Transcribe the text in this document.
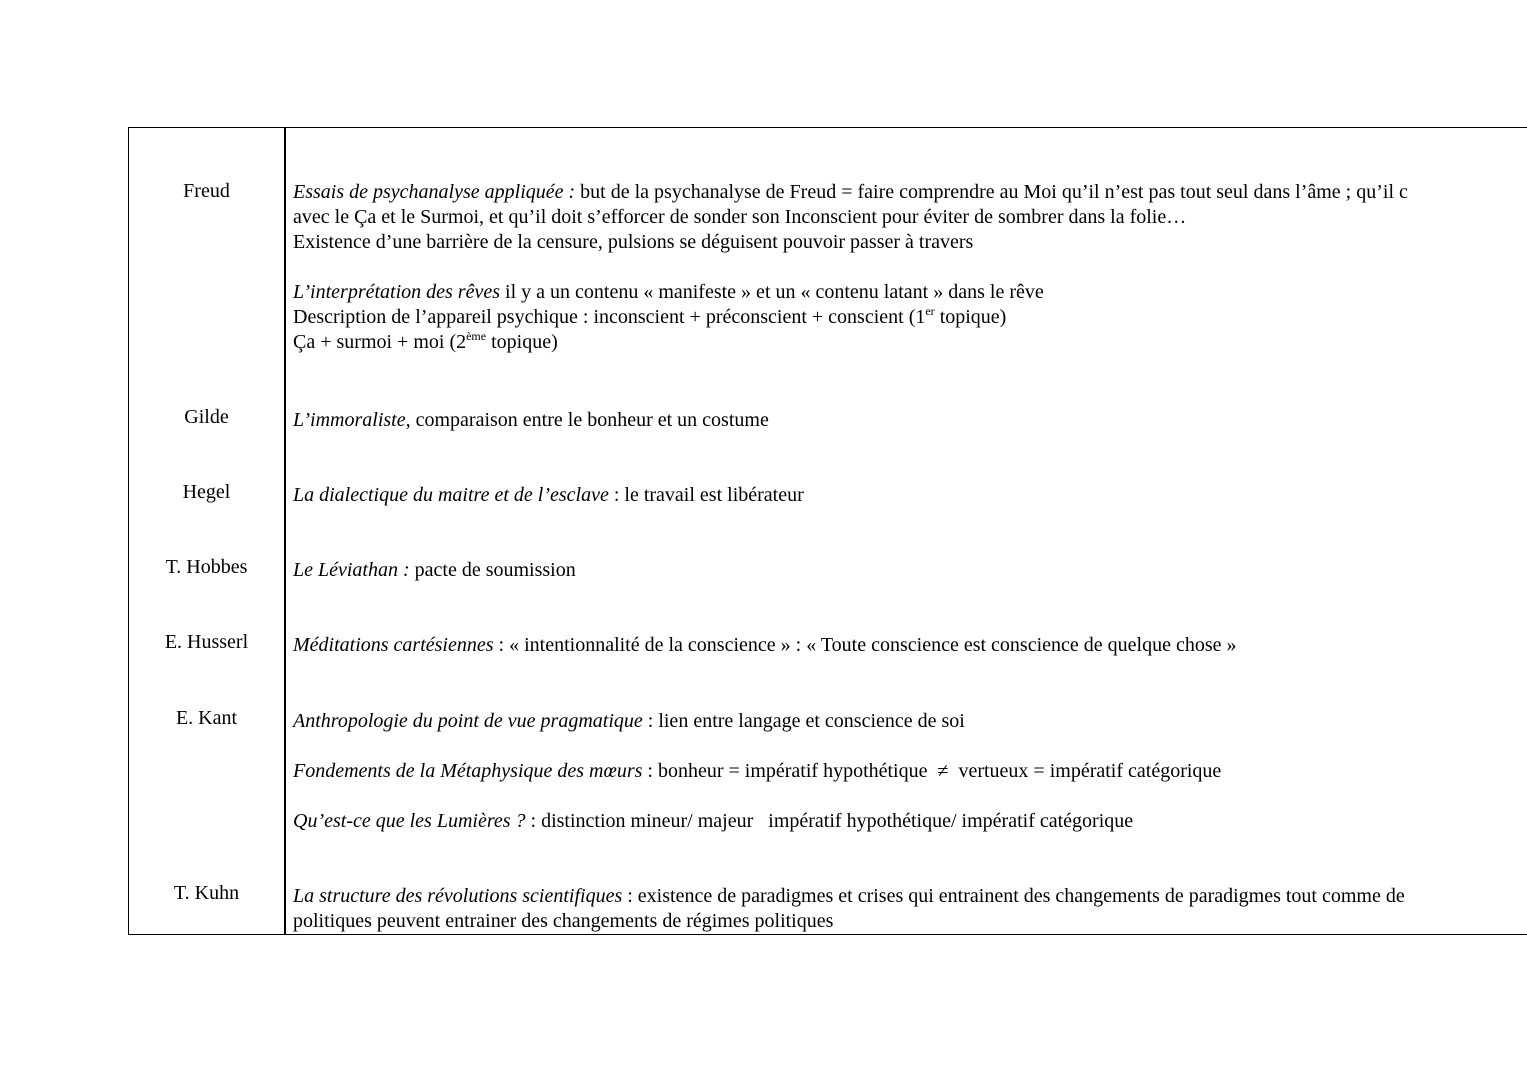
Freud	Essais de psychanalyse appliquée : but de la psychanalyse de Freud = faire comprendre au Moi qu’il n’est pas tout seul dans l’âme ; qu’il c
avec le Ça et le Surmoi, et qu’il doit s’efforcer de sonder son Inconscient pour éviter de sombrer dans la folie…
Existence d’une barrière de la censure, pulsions se déguisent pouvoir passer à travers
L’interprétation des rêves il y a un contenu « manifeste » et un « contenu latant » dans le rêve
Description de l’appareil psychique : inconscient + préconscient + conscient (1er topique)
Ça + surmoi + moi (2ème topique)
Gilde	L’immoraliste, comparaison entre le bonheur et un costume
Hegel	La dialectique du maitre et de l’esclave : le travail est libérateur
T. Hobbes	Le Léviathan : pacte de soumission
E. Husserl	Méditations cartésiennes : « intentionnalité de la conscience » : « Toute conscience est conscience de quelque chose »
E. Kant	Anthropologie du point de vue pragmatique : lien entre langage et conscience de soi
Fondements de la Métaphysique des mœurs : bonheur = impératif hypothétique  ≠  vertueux = impératif catégorique
Qu’est-ce que les Lumières ? : distinction mineur/ majeur   impératif hypothétique/ impératif catégorique
T. Kuhn	La structure des révolutions scientifiques : existence de paradigmes et crises qui entrainent des changements de paradigmes tout comme de
politiques peuvent entrainer des changements de régimes politiques
